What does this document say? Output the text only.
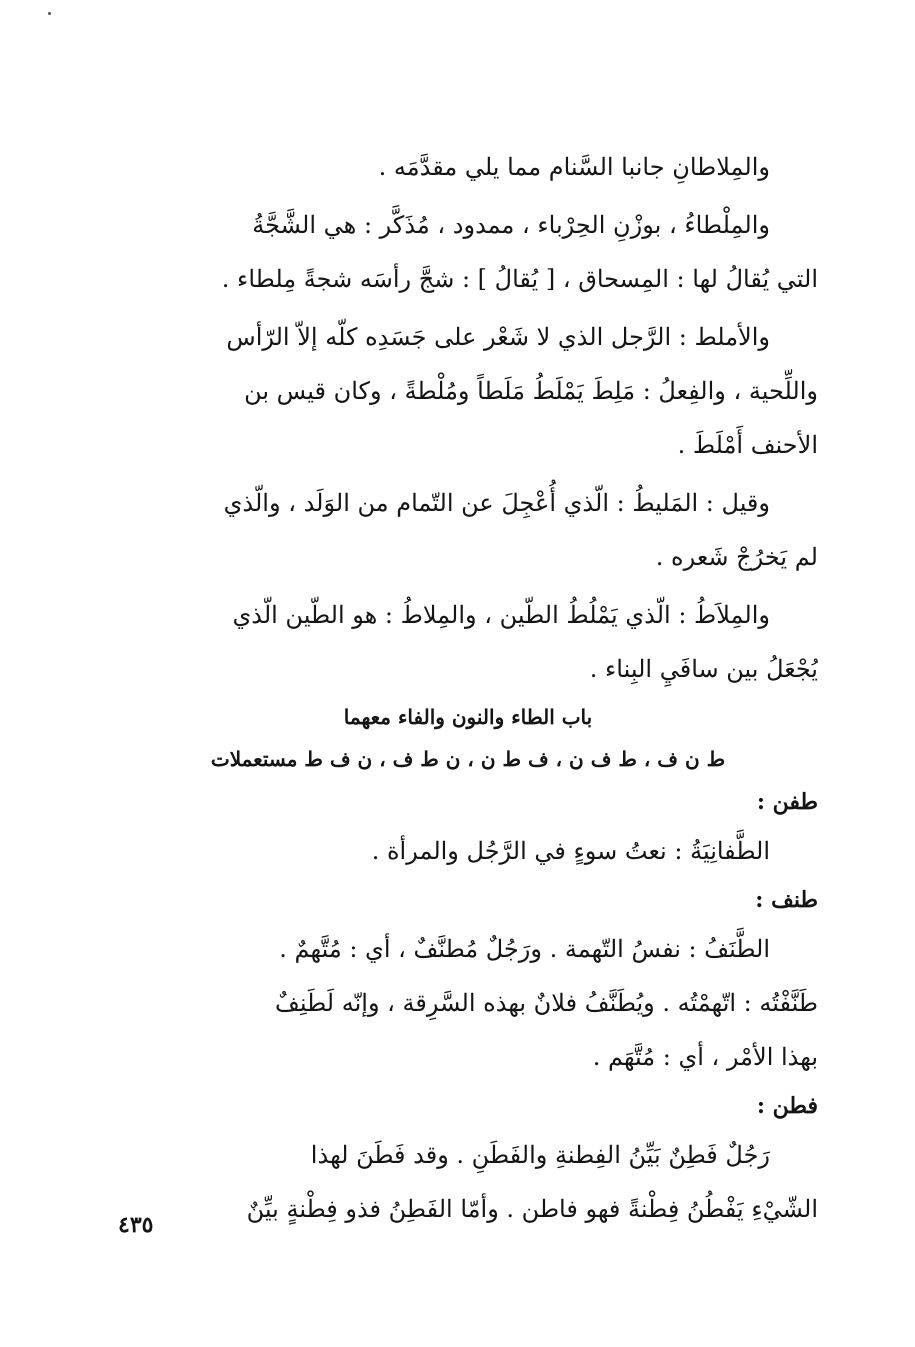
والمِلاطانِ جانبا السَّنام مما يلي مقدَّمَه .
والمِلْطاءُ ، بوزْنِ الحِرْباء ، ممدود ، مُذَكَّر : هي الشَّجَّةُ
التي يُقالُ لها : المِسحاق ، [ يُقالُ ] : شجَّ رأسَه شجةً مِلطاء .
والأملط : الرَّجل الذي لا شَعْر على جَسَدِه كلّه إلاّ الرّأس
واللِّحية ، والفِعلُ : مَلِطَ يَمْلَطُ مَلَطاً ومُلْطةً ، وكان قيس بن
الأحنف أَمْلَطَ .
وقيل : المَليطُ : الّذي أُعْجِلَ عن التّمام من الوَلَد ، والّذي
لم يَخرُجْ شَعره .
والمِلاَطُ : الّذي يَمْلُطُ الطّين ، والمِلاطُ : هو الطّين الّذي
يُجْعَلُ بين سافَيِ البِناء .
باب الطاء والنون والفاء معهما
ط ن ف ، ط ف ن ، ف ط ن ، ن ط ف ، ن ف ط مستعملات
طفن :
الطَّفانِيَةُ : نعتُ سوءٍ في الرَّجُل والمرأة .
طنف :
الطَّنَفُ : نفسُ التّهمة . ورَجُلٌ مُطنَّفٌ ، أي : مُتَّهمٌ .
طَنَّفْتُه : اتّهمْتُه . ويُطَنَّفُ فلانٌ بهذه السَّرِقة ، وإنّه لَطَنِفٌ
بهذا الأمْر ، أي : مُتَّهَم .
فطن :
رَجُلٌ فَطِنٌ بَيِّنُ الفِطنةِ والفَطَنِ . وقد فَطَنَ لهذا
الشّيْءِ يَفْطُنُ فِطْنةً فهو فاطن . وأمّا الفَطِنُ فذو فِطْنةٍ بيِّنٌ
٤٣٥
